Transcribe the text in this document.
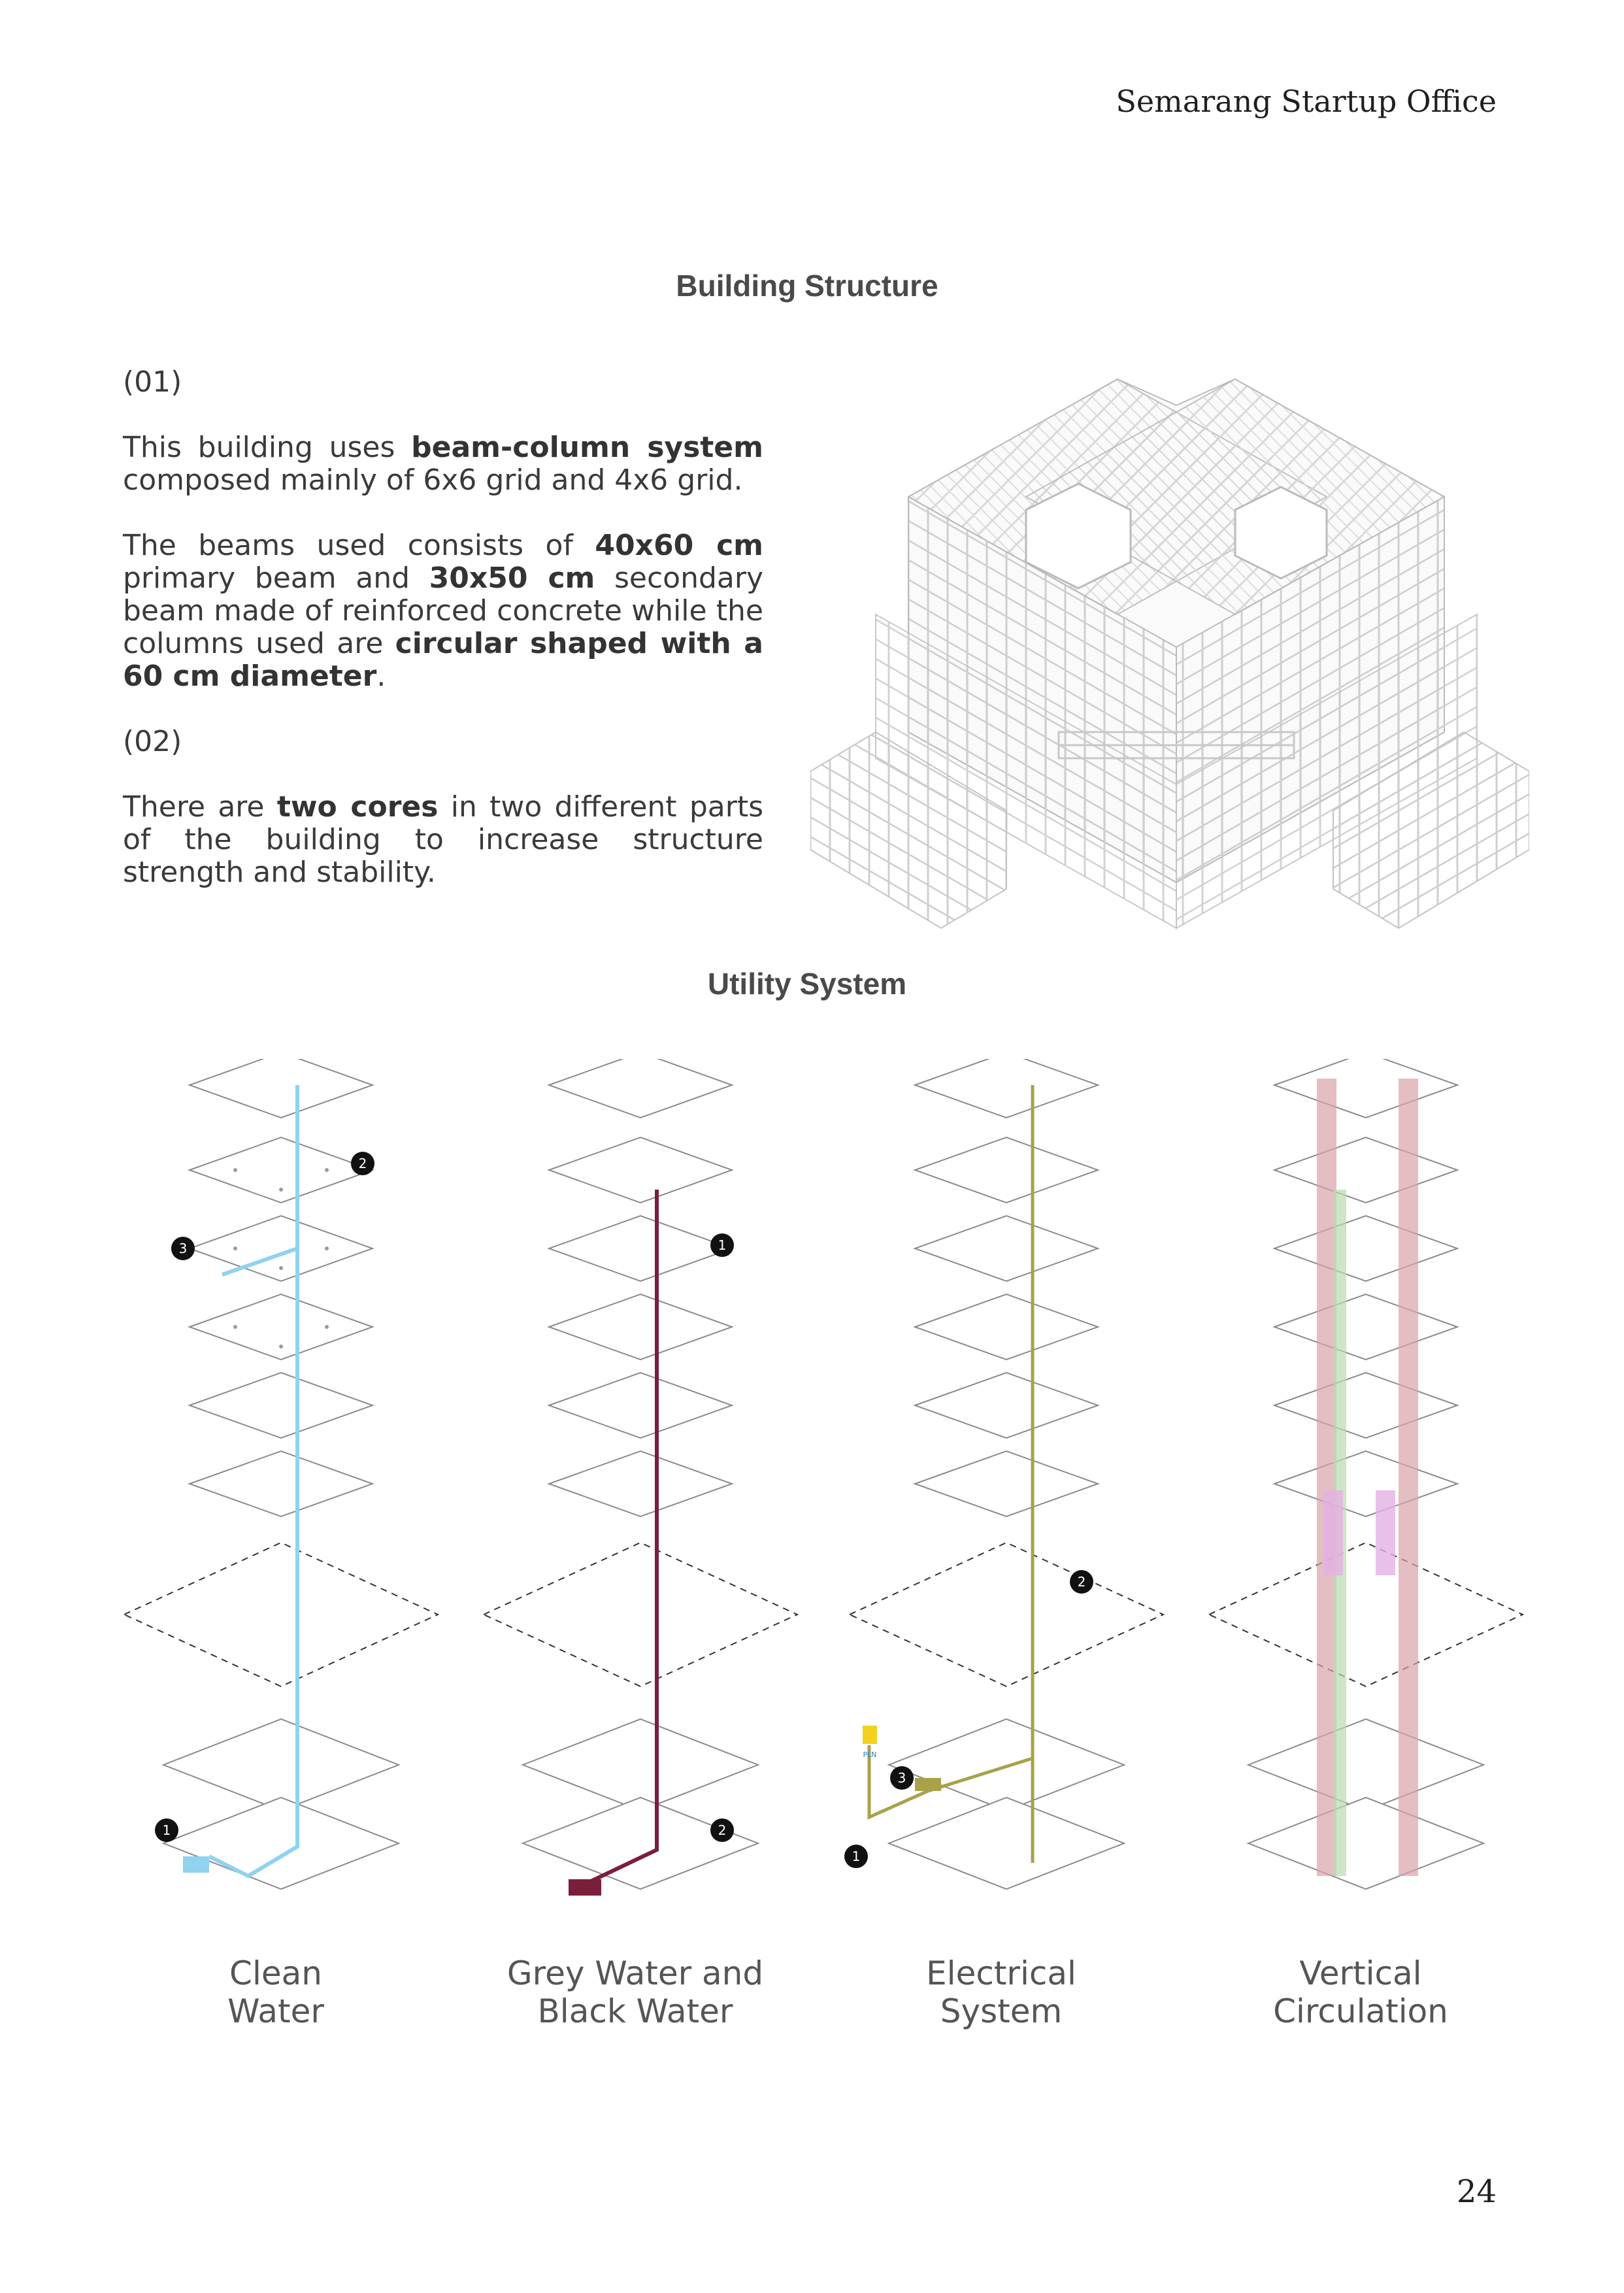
Semarang Startup Office
Building Structure

(01)

This building uses beam-column system composed mainly of 6x6 grid and 4x6 grid.

The beams used consists of 40x60 cm primary beam and 30x50 cm secondary beam made of reinforced concrete while the columns used are circular shaped with a 60 cm diameter.

(02)

There are two cores in two different parts of the building to increase structure strength and stability.

Utility System
2
3
1
1
2
PLN
2
3
1
Clean
Water
Grey Water and
Black Water
Electrical
System
Vertical
Circulation
24
